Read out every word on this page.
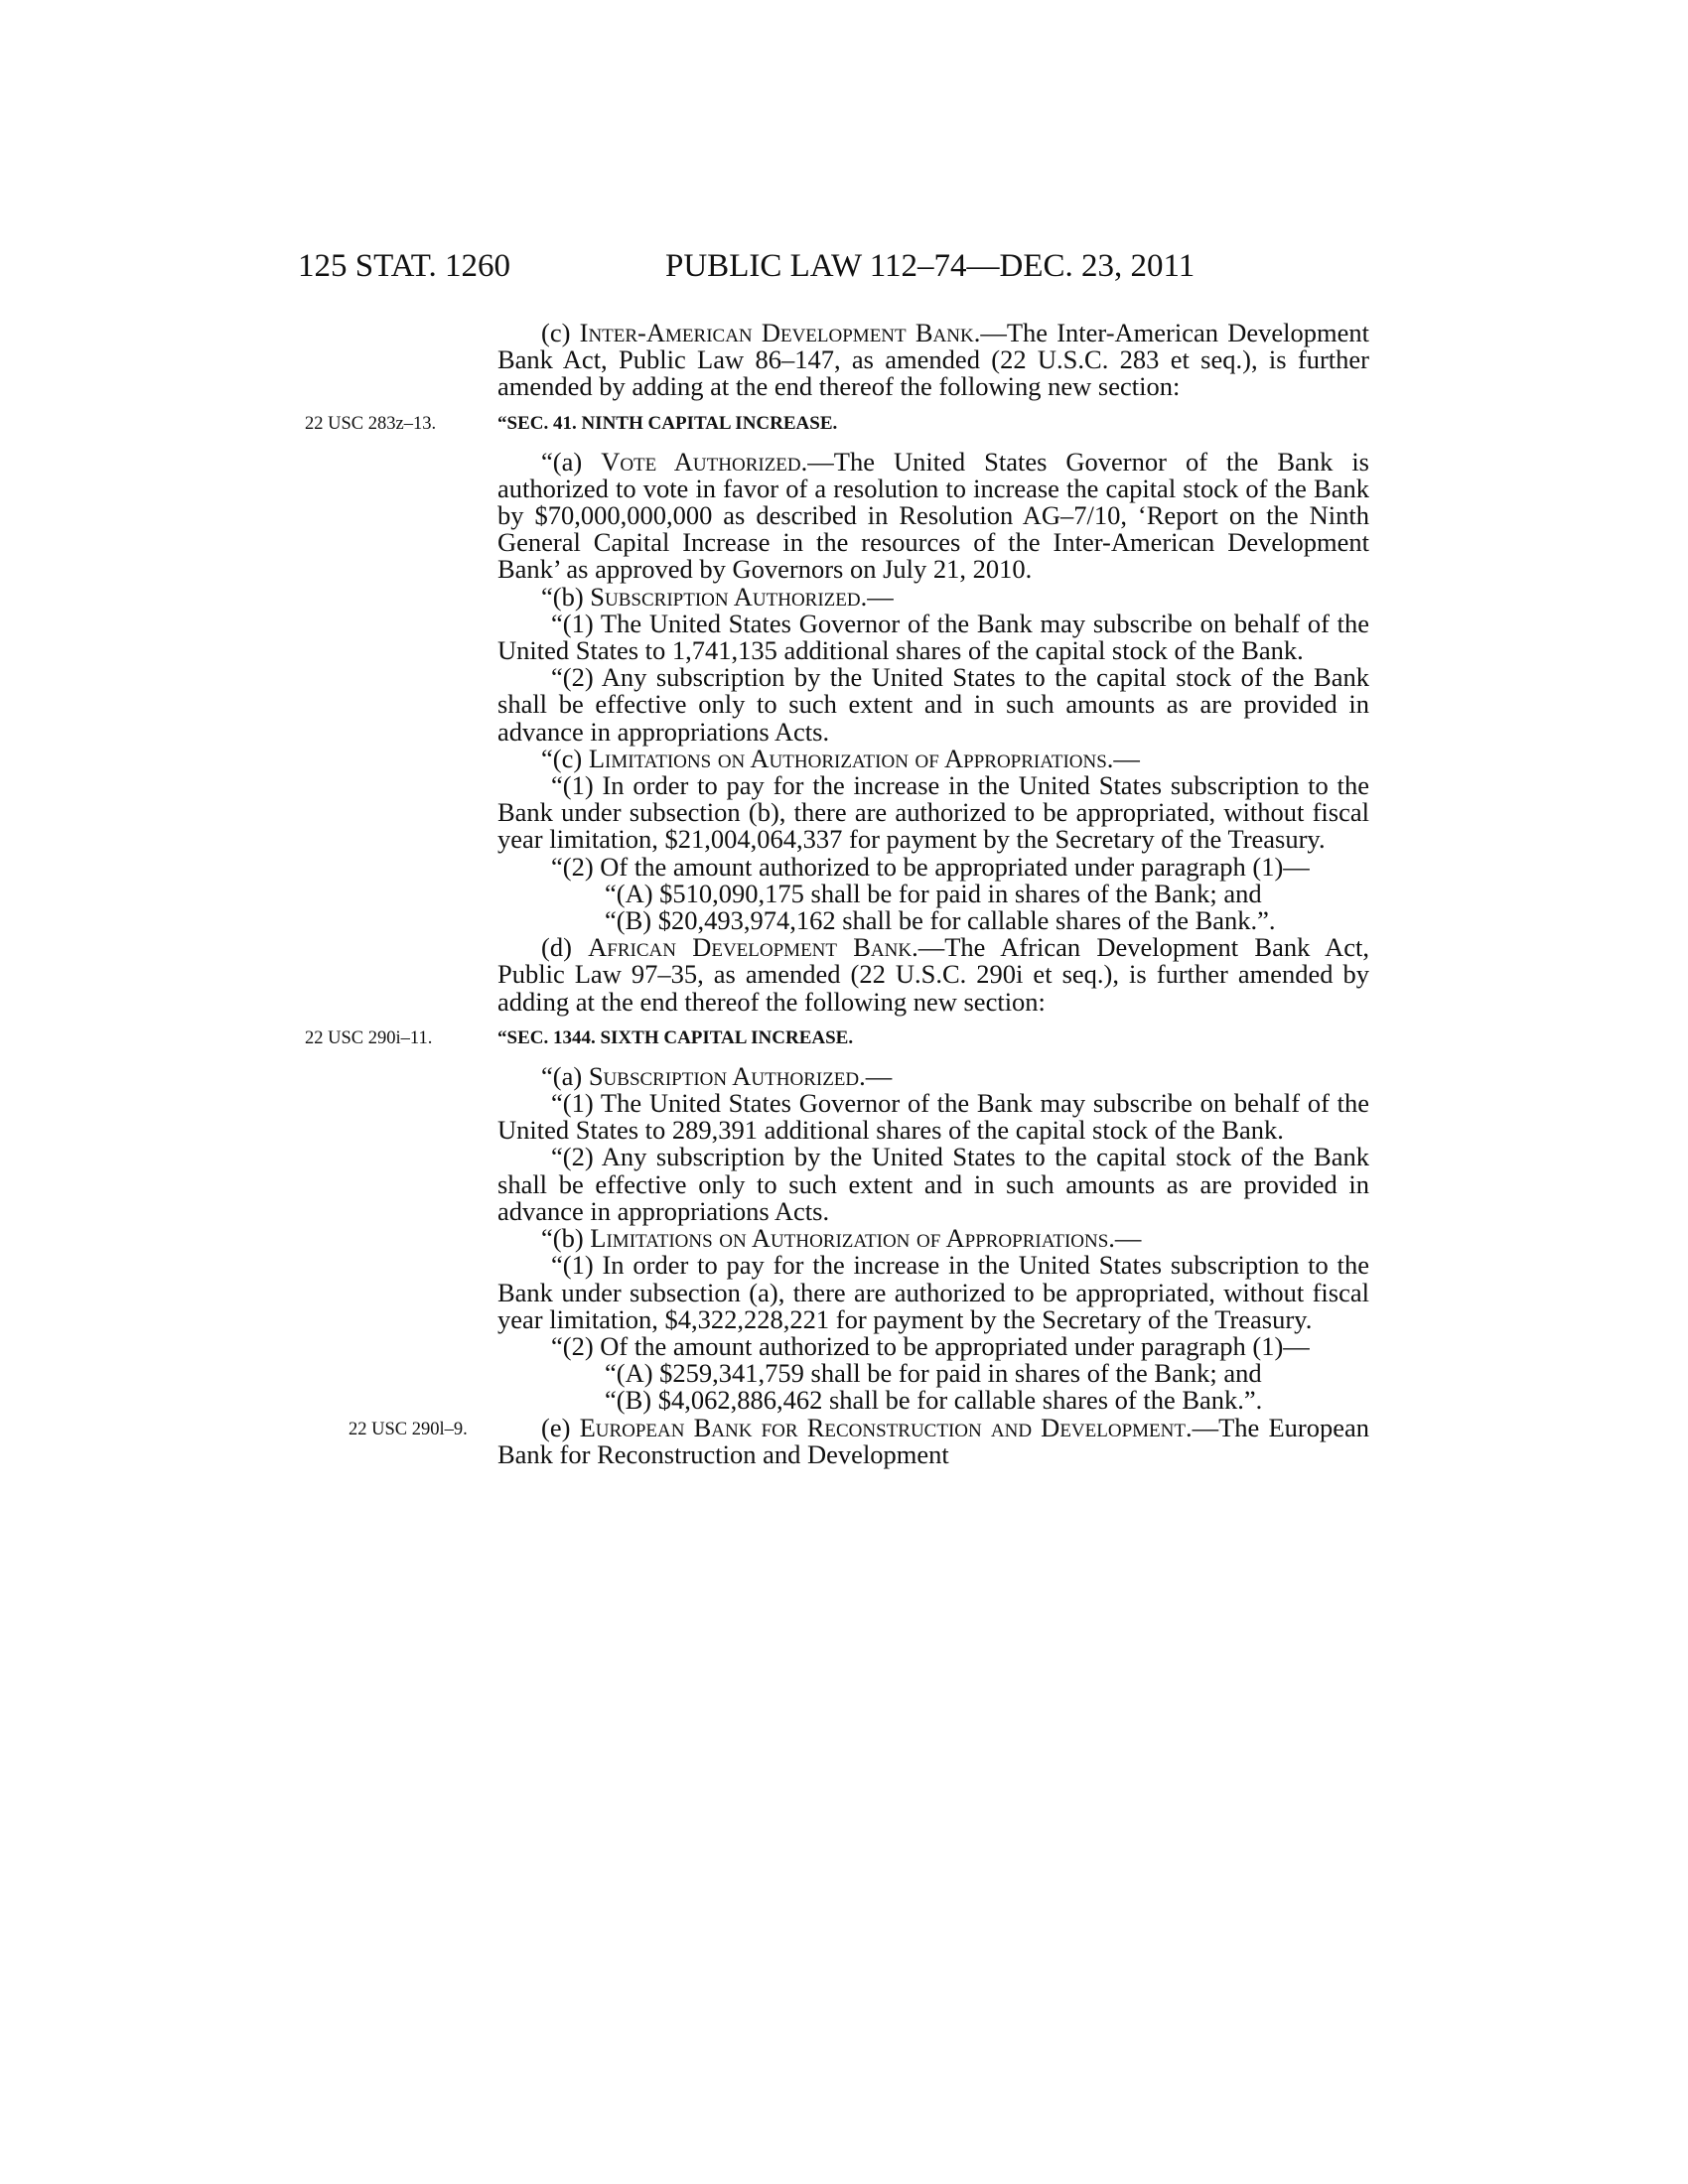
125 STAT. 1260	PUBLIC LAW 112–74—DEC. 23, 2011

(c) Inter-American Development Bank.—The Inter-American Development Bank Act, Public Law 86–147, as amended (22 U.S.C. 283 et seq.), is further amended by adding at the end thereof the following new section:

22 USC 283z–13.	“SEC. 41. NINTH CAPITAL INCREASE.

“(a) Vote Authorized.—The United States Governor of the Bank is authorized to vote in favor of a resolution to increase the capital stock of the Bank by $70,000,000,000 as described in Resolution AG–7/10, ‘Report on the Ninth General Capital Increase in the resources of the Inter-American Development Bank’ as approved by Governors on July 21, 2010.

“(b) Subscription Authorized.—

“(1) The United States Governor of the Bank may subscribe on behalf of the United States to 1,741,135 additional shares of the capital stock of the Bank.

“(2) Any subscription by the United States to the capital stock of the Bank shall be effective only to such extent and in such amounts as are provided in advance in appropriations Acts.

“(c) Limitations on Authorization of Appropriations.—

“(1) In order to pay for the increase in the United States subscription to the Bank under subsection (b), there are authorized to be appropriated, without fiscal year limitation, $21,004,064,337 for payment by the Secretary of the Treasury.

“(2) Of the amount authorized to be appropriated under paragraph (1)—

“(A) $510,090,175 shall be for paid in shares of the Bank; and

“(B) $20,493,974,162 shall be for callable shares of the Bank.”.

(d) African Development Bank.—The African Development Bank Act, Public Law 97–35, as amended (22 U.S.C. 290i et seq.), is further amended by adding at the end thereof the following new section:

22 USC 290i–11.	“SEC. 1344. SIXTH CAPITAL INCREASE.

“(a) Subscription Authorized.—

“(1) The United States Governor of the Bank may subscribe on behalf of the United States to 289,391 additional shares of the capital stock of the Bank.

“(2) Any subscription by the United States to the capital stock of the Bank shall be effective only to such extent and in such amounts as are provided in advance in appropriations Acts.

“(b) Limitations on Authorization of Appropriations.—

“(1) In order to pay for the increase in the United States subscription to the Bank under subsection (a), there are authorized to be appropriated, without fiscal year limitation, $4,322,228,221 for payment by the Secretary of the Treasury.

“(2) Of the amount authorized to be appropriated under paragraph (1)—

“(A) $259,341,759 shall be for paid in shares of the Bank; and

“(B) $4,062,886,462 shall be for callable shares of the Bank.”.

22 USC 290l–9.	(e) European Bank for Reconstruction and Development.—The European Bank for Reconstruction and Development
